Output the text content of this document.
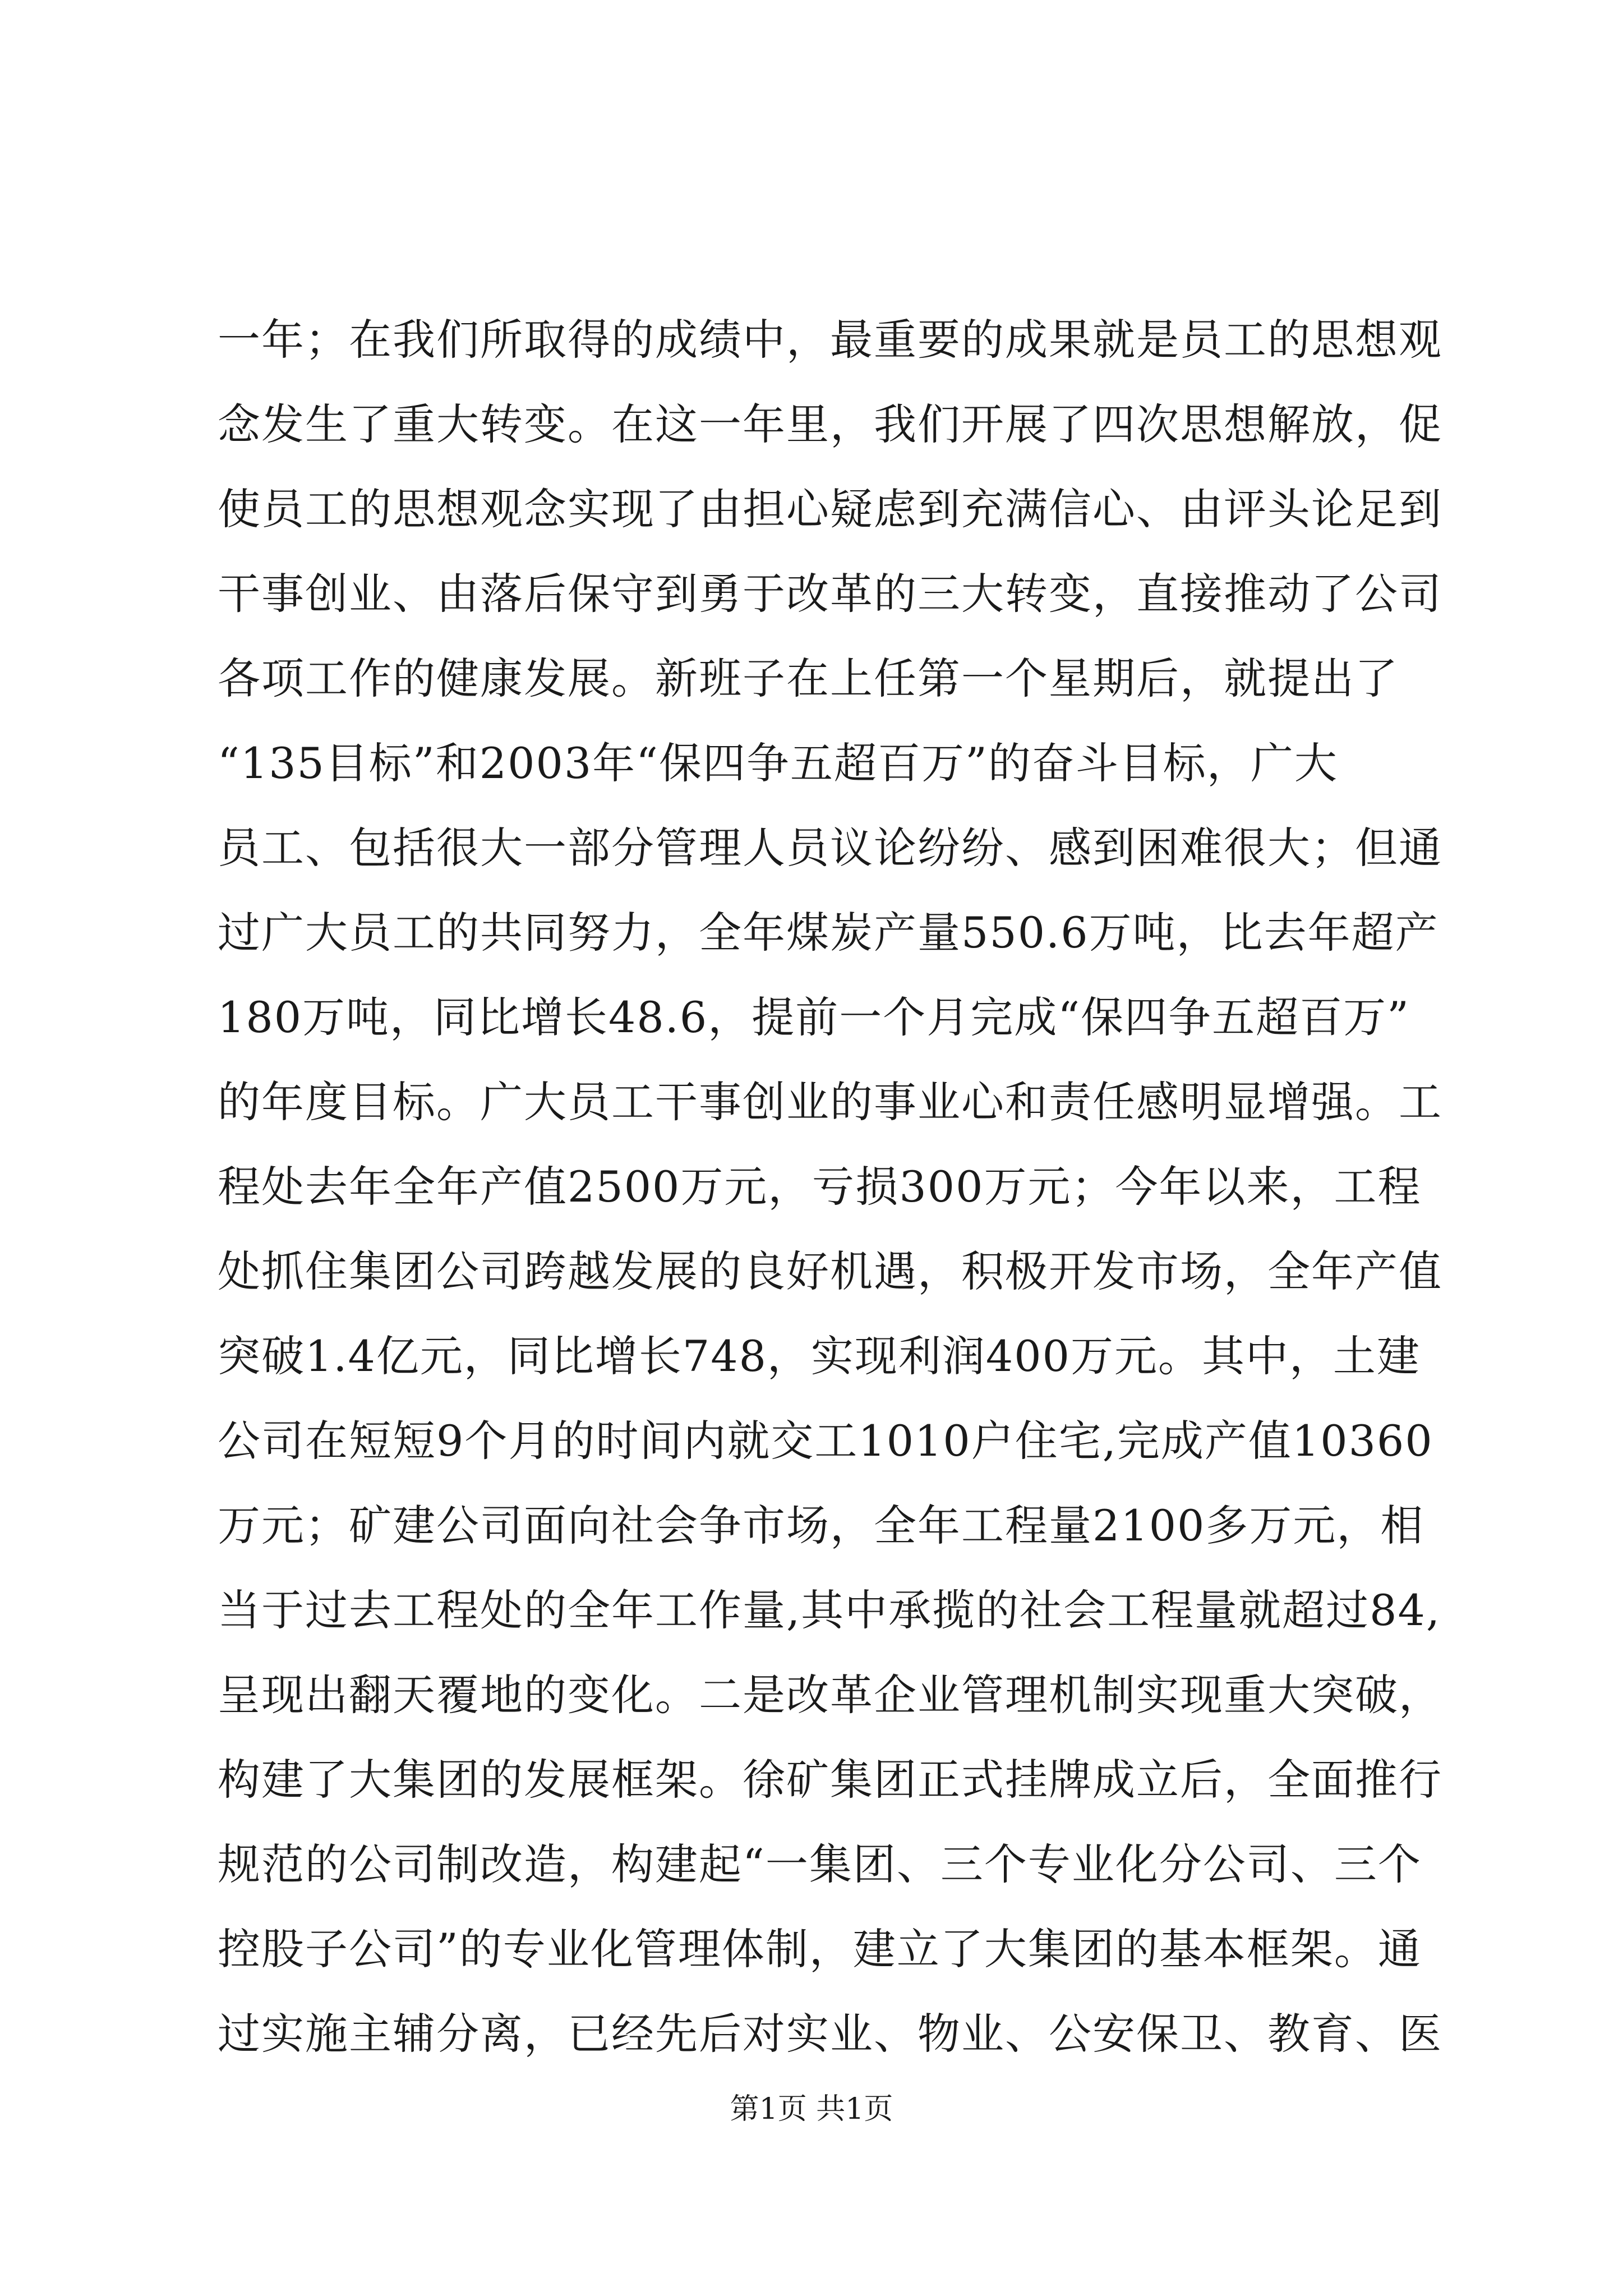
一年；在我们所取得的成绩中，最重要的成果就是员工的思想观
念发生了重大转变。在这一年里，我们开展了四次思想解放，促
使员工的思想观念实现了由担心疑虑到充满信心、由评头论足到
干事创业、由落后保守到勇于改革的三大转变，直接推动了公司
各项工作的健康发展。新班子在上任第一个星期后，就提出了
“135目标”和2003年“保四争五超百万”的奋斗目标，广大
员工、包括很大一部分管理人员议论纷纷、感到困难很大；但通
过广大员工的共同努力，全年煤炭产量550.6万吨，比去年超产
180万吨，同比增长48.6，提前一个月完成“保四争五超百万”
的年度目标。广大员工干事创业的事业心和责任感明显增强。工
程处去年全年产值2500万元，亏损300万元；今年以来，工程
处抓住集团公司跨越发展的良好机遇，积极开发市场，全年产值
突破1.4亿元，同比增长748，实现利润400万元。其中，土建
公司在短短9个月的时间内就交工1010户住宅,完成产值10360
万元；矿建公司面向社会争市场，全年工程量2100多万元，相
当于过去工程处的全年工作量,其中承揽的社会工程量就超过84,
呈现出翻天覆地的变化。二是改革企业管理机制实现重大突破，
构建了大集团的发展框架。徐矿集团正式挂牌成立后，全面推行
规范的公司制改造，构建起“一集团、三个专业化分公司、三个
控股子公司”的专业化管理体制，建立了大集团的基本框架。通
过实施主辅分离，已经先后对实业、物业、公安保卫、教育、医
第1页 共1页
